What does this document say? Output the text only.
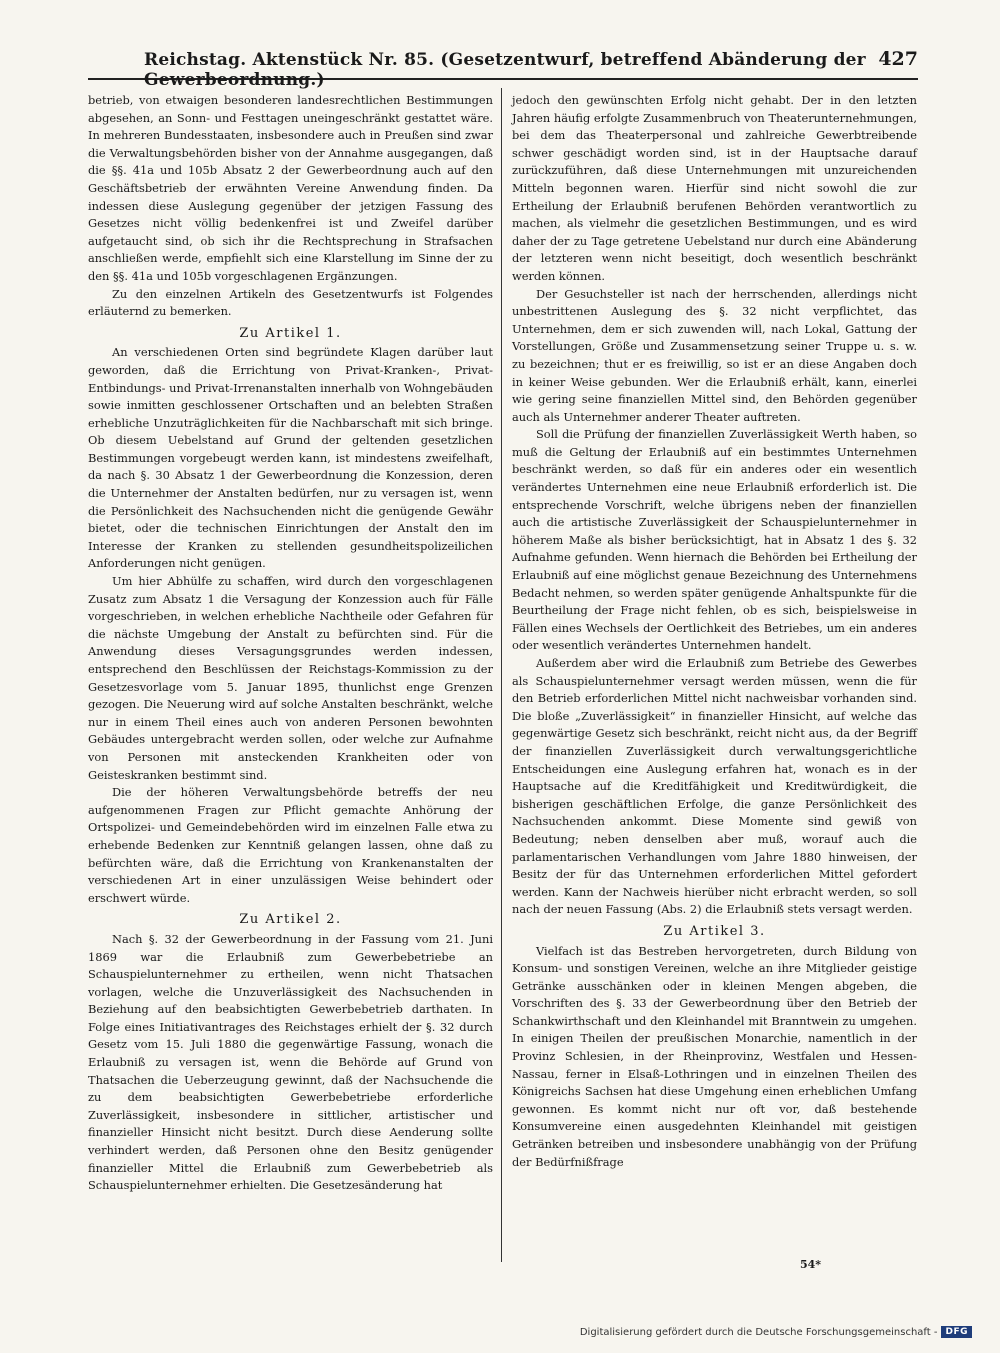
Reichstag. Aktenstück Nr. 85. (Gesetzentwurf, betreffend Abänderung der Gewerbeordnung.)
427

betrieb, von etwaigen besonderen landesrechtlichen Bestimmungen abgesehen, an Sonn- und Festtagen uneingeschränkt gestattet wäre. In mehreren Bundesstaaten, insbesondere auch in Preußen sind zwar die Verwaltungsbehörden bisher von der Annahme ausgegangen, daß die §§. 41a und 105b Absatz 2 der Gewerbeordnung auch auf den Geschäftsbetrieb der erwähnten Vereine Anwendung finden. Da indessen diese Auslegung gegenüber der jetzigen Fassung des Gesetzes nicht völlig bedenkenfrei ist und Zweifel darüber aufgetaucht sind, ob sich ihr die Rechtsprechung in Strafsachen anschließen werde, empfiehlt sich eine Klarstellung im Sinne der zu den §§. 41a und 105b vorgeschlagenen Ergänzungen.

Zu den einzelnen Artikeln des Gesetzentwurfs ist Folgendes erläuternd zu bemerken.

Zu Artikel 1.

An verschiedenen Orten sind begründete Klagen darüber laut geworden, daß die Errichtung von Privat-Kranken-, Privat-Entbindungs- und Privat-Irrenanstalten innerhalb von Wohngebäuden sowie inmitten geschlossener Ortschaften und an belebten Straßen erhebliche Unzuträglichkeiten für die Nachbarschaft mit sich bringe. Ob diesem Uebelstand auf Grund der geltenden gesetzlichen Bestimmungen vorgebeugt werden kann, ist mindestens zweifelhaft, da nach §. 30 Absatz 1 der Gewerbeordnung die Konzession, deren die Unternehmer der Anstalten bedürfen, nur zu versagen ist, wenn die Persönlichkeit des Nachsuchenden nicht die genügende Gewähr bietet, oder die technischen Einrichtungen der Anstalt den im Interesse der Kranken zu stellenden gesundheitspolizeilichen Anforderungen nicht genügen.

Um hier Abhülfe zu schaffen, wird durch den vorgeschlagenen Zusatz zum Absatz 1 die Versagung der Konzession auch für Fälle vorgeschrieben, in welchen erhebliche Nachtheile oder Gefahren für die nächste Umgebung der Anstalt zu befürchten sind. Für die Anwendung dieses Versagungsgrundes werden indessen, entsprechend den Beschlüssen der Reichstags-Kommission zu der Gesetzesvorlage vom 5. Januar 1895, thunlichst enge Grenzen gezogen. Die Neuerung wird auf solche Anstalten beschränkt, welche nur in einem Theil eines auch von anderen Personen bewohnten Gebäudes untergebracht werden sollen, oder welche zur Aufnahme von Personen mit ansteckenden Krankheiten oder von Geisteskranken bestimmt sind.

Die der höheren Verwaltungsbehörde betreffs der neu aufgenommenen Fragen zur Pflicht gemachte Anhörung der Ortspolizei- und Gemeindebehörden wird im einzelnen Falle etwa zu erhebende Bedenken zur Kenntniß gelangen lassen, ohne daß zu befürchten wäre, daß die Errichtung von Krankenanstalten der verschiedenen Art in einer unzulässigen Weise behindert oder erschwert würde.

Zu Artikel 2.

Nach §. 32 der Gewerbeordnung in der Fassung vom 21. Juni 1869 war die Erlaubniß zum Gewerbebetriebe an Schauspielunternehmer zu ertheilen, wenn nicht Thatsachen vorlagen, welche die Unzuverlässigkeit des Nachsuchenden in Beziehung auf den beabsichtigten Gewerbebetrieb darthaten. In Folge eines Initiativantrages des Reichstages erhielt der §. 32 durch Gesetz vom 15. Juli 1880 die gegenwärtige Fassung, wonach die Erlaubniß zu versagen ist, wenn die Behörde auf Grund von Thatsachen die Ueberzeugung gewinnt, daß der Nachsuchende die zu dem beabsichtigten Gewerbebetriebe erforderliche Zuverlässigkeit, insbesondere in sittlicher, artistischer und finanzieller Hinsicht nicht besitzt. Durch diese Aenderung sollte verhindert werden, daß Personen ohne den Besitz genügender finanzieller Mittel die Erlaubniß zum Gewerbebetrieb als Schauspielunternehmer erhielten. Die Gesetzesänderung hat

jedoch den gewünschten Erfolg nicht gehabt. Der in den letzten Jahren häufig erfolgte Zusammenbruch von Theaterunternehmungen, bei dem das Theaterpersonal und zahlreiche Gewerbtreibende schwer geschädigt worden sind, ist in der Hauptsache darauf zurückzuführen, daß diese Unternehmungen mit unzureichenden Mitteln begonnen waren. Hierfür sind nicht sowohl die zur Ertheilung der Erlaubniß berufenen Behörden verantwortlich zu machen, als vielmehr die gesetzlichen Bestimmungen, und es wird daher der zu Tage getretene Uebelstand nur durch eine Abänderung der letzteren wenn nicht beseitigt, doch wesentlich beschränkt werden können.

Der Gesuchsteller ist nach der herrschenden, allerdings nicht unbestrittenen Auslegung des §. 32 nicht verpflichtet, das Unternehmen, dem er sich zuwenden will, nach Lokal, Gattung der Vorstellungen, Größe und Zusammensetzung seiner Truppe u. s. w. zu bezeichnen; thut er es freiwillig, so ist er an diese Angaben doch in keiner Weise gebunden. Wer die Erlaubniß erhält, kann, einerlei wie gering seine finanziellen Mittel sind, den Behörden gegenüber auch als Unternehmer anderer Theater auftreten.

Soll die Prüfung der finanziellen Zuverlässigkeit Werth haben, so muß die Geltung der Erlaubniß auf ein bestimmtes Unternehmen beschränkt werden, so daß für ein anderes oder ein wesentlich verändertes Unternehmen eine neue Erlaubniß erforderlich ist. Die entsprechende Vorschrift, welche übrigens neben der finanziellen auch die artistische Zuverlässigkeit der Schauspielunternehmer in höherem Maße als bisher berücksichtigt, hat in Absatz 1 des §. 32 Aufnahme gefunden. Wenn hiernach die Behörden bei Ertheilung der Erlaubniß auf eine möglichst genaue Bezeichnung des Unternehmens Bedacht nehmen, so werden später genügende Anhaltspunkte für die Beurtheilung der Frage nicht fehlen, ob es sich, beispielsweise in Fällen eines Wechsels der Oertlichkeit des Betriebes, um ein anderes oder wesentlich verändertes Unternehmen handelt.

Außerdem aber wird die Erlaubniß zum Betriebe des Gewerbes als Schauspielunternehmer versagt werden müssen, wenn die für den Betrieb erforderlichen Mittel nicht nachweisbar vorhanden sind. Die bloße „Zuverlässigkeit“ in finanzieller Hinsicht, auf welche das gegenwärtige Gesetz sich beschränkt, reicht nicht aus, da der Begriff der finanziellen Zuverlässigkeit durch verwaltungsgerichtliche Entscheidungen eine Auslegung erfahren hat, wonach es in der Hauptsache auf die Kreditfähigkeit und Kreditwürdigkeit, die bisherigen geschäftlichen Erfolge, die ganze Persönlichkeit des Nachsuchenden ankommt. Diese Momente sind gewiß von Bedeutung; neben denselben aber muß, worauf auch die parlamentarischen Verhandlungen vom Jahre 1880 hinweisen, der Besitz der für das Unternehmen erforderlichen Mittel gefordert werden. Kann der Nachweis hierüber nicht erbracht werden, so soll nach der neuen Fassung (Abs. 2) die Erlaubniß stets versagt werden.

Zu Artikel 3.

Vielfach ist das Bestreben hervorgetreten, durch Bildung von Konsum- und sonstigen Vereinen, welche an ihre Mitglieder geistige Getränke ausschänken oder in kleinen Mengen abgeben, die Vorschriften des §. 33 der Gewerbeordnung über den Betrieb der Schankwirthschaft und den Kleinhandel mit Branntwein zu umgehen. In einigen Theilen der preußischen Monarchie, namentlich in der Provinz Schlesien, in der Rheinprovinz, Westfalen und Hessen-Nassau, ferner in Elsaß-Lothringen und in einzelnen Theilen des Königreichs Sachsen hat diese Umgehung einen erheblichen Umfang gewonnen. Es kommt nicht nur oft vor, daß bestehende Konsumvereine einen ausgedehnten Kleinhandel mit geistigen Getränken betreiben und insbesondere unabhängig von der Prüfung der Bedürfnißfrage

54*
Digitalisierung gefördert durch die Deutsche Forschungsgemeinschaft - DFG
